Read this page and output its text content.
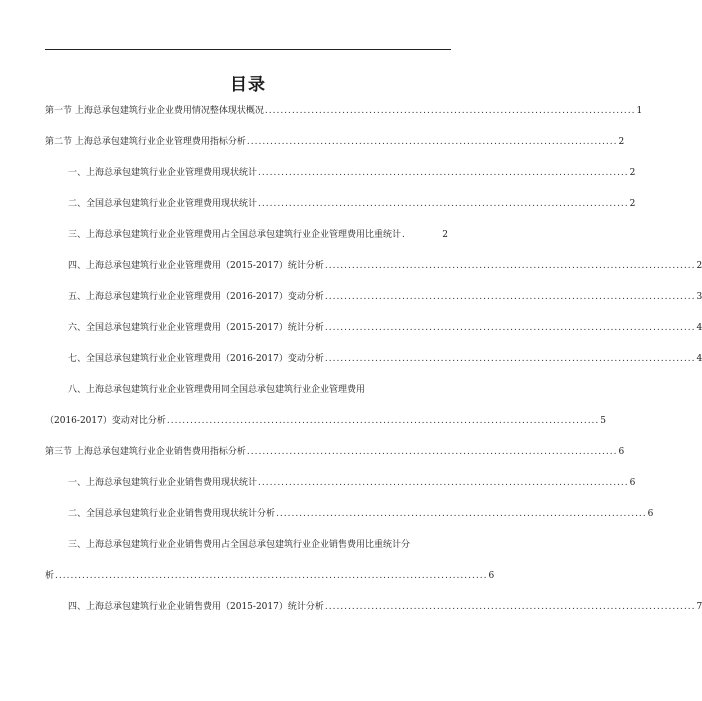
目录
第一节 上海总承包建筑行业企业费用情况整体现状概况 ................................................................................................ 1
第二节 上海总承包建筑行业企业管理费用指标分析 ................................................................................................ 2
一、上海总承包建筑行业企业管理费用现状统计 ................................................................................................ 2
二、全国总承包建筑行业企业管理费用现状统计 ................................................................................................ 2
三、上海总承包建筑行业企业管理费用占全国总承包建筑行业企业管理费用比重统计 .	2
四、上海总承包建筑行业企业管理费用（2015-2017）统计分析 ................................................................................................ 2
五、上海总承包建筑行业企业管理费用（2016-2017）变动分析 ................................................................................................ 3
六、全国总承包建筑行业企业管理费用（2015-2017）统计分析 ................................................................................................ 4
七、全国总承包建筑行业企业管理费用（2016-2017）变动分析 ................................................................................................ 4
八、上海总承包建筑行业企业管理费用同全国总承包建筑行业企业管理费用
（2016-2017）变动对比分析 ................................................................................................................ 5
第三节 上海总承包建筑行业企业销售费用指标分析 ................................................................................................ 6
一、上海总承包建筑行业企业销售费用现状统计 ................................................................................................ 6
二、全国总承包建筑行业企业销售费用现状统计分析 ................................................................................................ 6
三、上海总承包建筑行业企业销售费用占全国总承包建筑行业企业销售费用比重统计分
析 ................................................................................................................ 6
四、上海总承包建筑行业企业销售费用（2015-2017）统计分析 ................................................................................................ 7
